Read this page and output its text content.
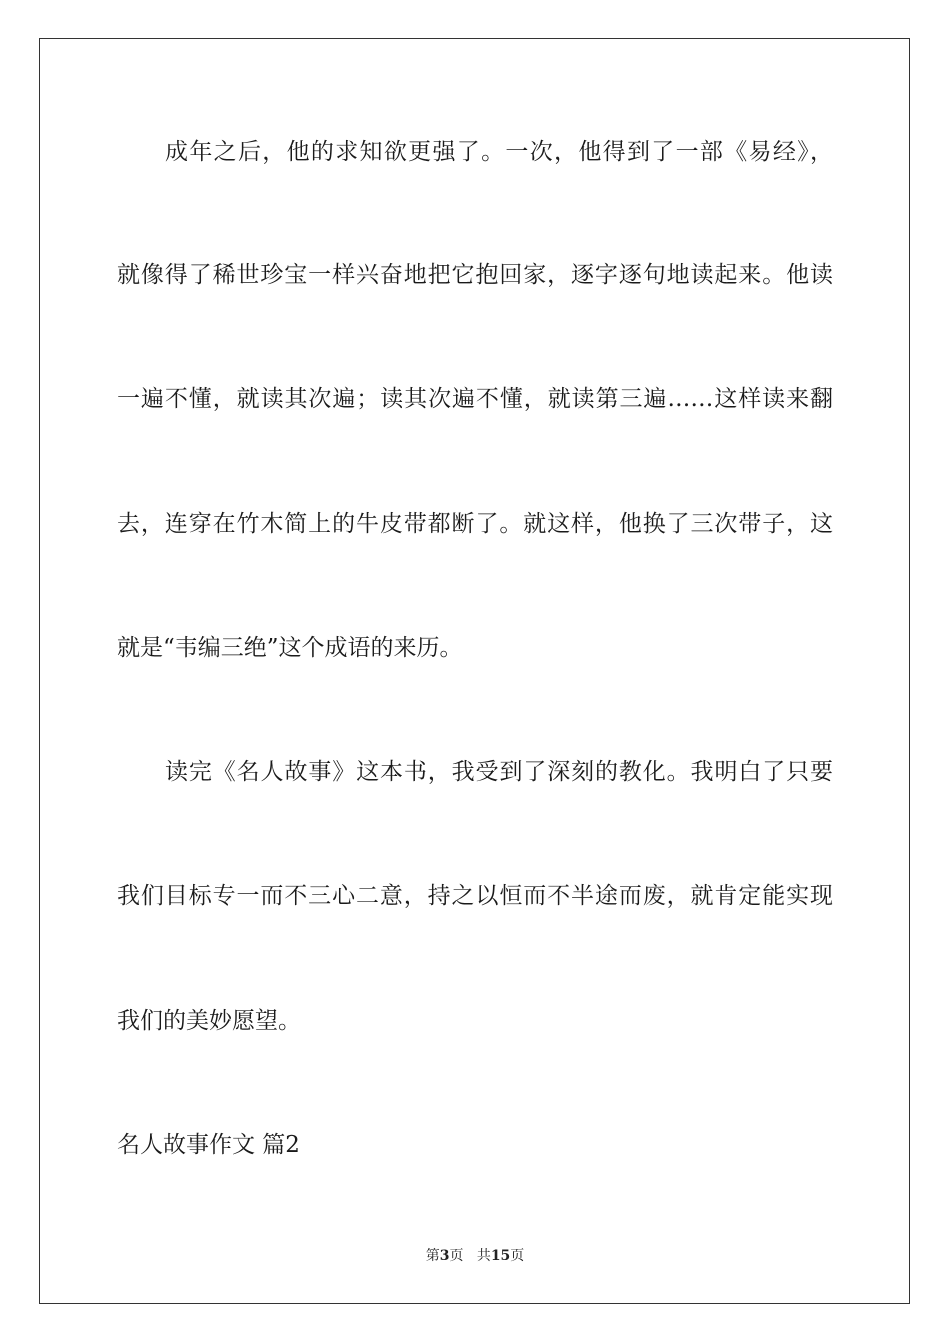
成年之后，他的求知欲更强了。一次，他得到了一部《易经》，
就像得了稀世珍宝一样兴奋地把它抱回家，逐字逐句地读起来。他读
一遍不懂，就读其次遍；读其次遍不懂，就读第三遍……这样读来翻
去，连穿在竹木简上的牛皮带都断了。就这样，他换了三次带子，这
就是“韦编三绝”这个成语的来历。
读完《名人故事》这本书，我受到了深刻的教化。我明白了只要
我们目标专一而不三心二意，持之以恒而不半途而废，就肯定能实现
我们的美妙愿望。
名人故事作文 篇2
第3页 共15页
